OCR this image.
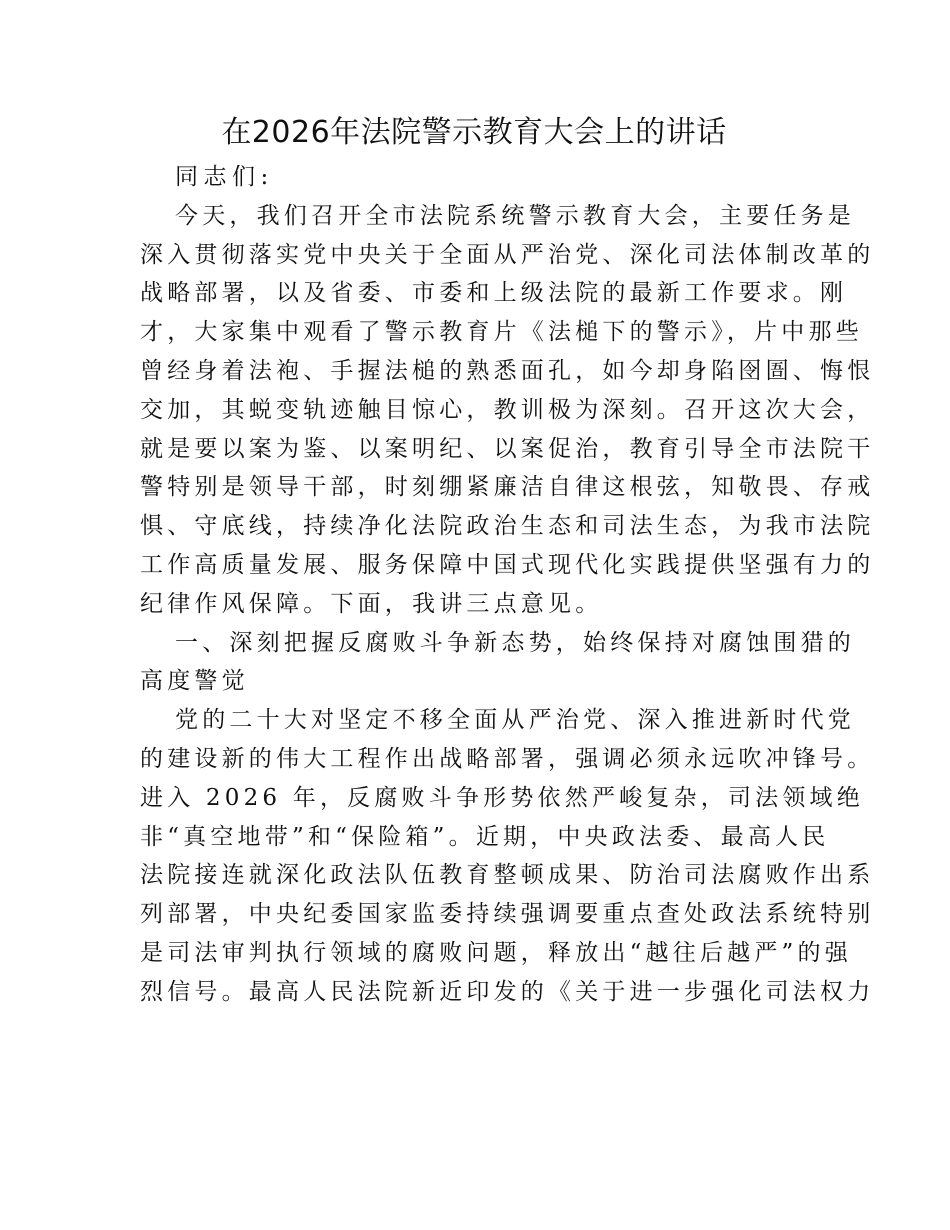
在2026年法院警示教育大会上的讲话

同志们:

今天，我们召开全市法院系统警示教育大会，主要任务是
深入贯彻落实党中央关于全面从严治党、深化司法体制改革的
战略部署，以及省委、市委和上级法院的最新工作要求。刚
才，大家集中观看了警示教育片《法槌下的警示》，片中那些
曾经身着法袍、手握法槌的熟悉面孔，如今却身陷囹圄、悔恨
交加，其蜕变轨迹触目惊心，教训极为深刻。召开这次大会，
就是要以案为鉴、以案明纪、以案促治，教育引导全市法院干
警特别是领导干部，时刻绷紧廉洁自律这根弦，知敬畏、存戒
惧、守底线，持续净化法院政治生态和司法生态，为我市法院
工作高质量发展、服务保障中国式现代化实践提供坚强有力的
纪律作风保障。下面，我讲三点意见。
一、深刻把握反腐败斗争新态势，始终保持对腐蚀围猎的
高度警觉
党的二十大对坚定不移全面从严治党、深入推进新时代党
的建设新的伟大工程作出战略部署，强调必须永远吹冲锋号。
进入 2026 年，反腐败斗争形势依然严峻复杂，司法领域绝
非“真空地带”和“保险箱”。近期，中央政法委、最高人民
法院接连就深化政法队伍教育整顿成果、防治司法腐败作出系
列部署，中央纪委国家监委持续强调要重点查处政法系统特别
是司法审判执行领域的腐败问题，释放出“越往后越严”的强
烈信号。最高人民法院新近印发的《关于进一步强化司法权力
